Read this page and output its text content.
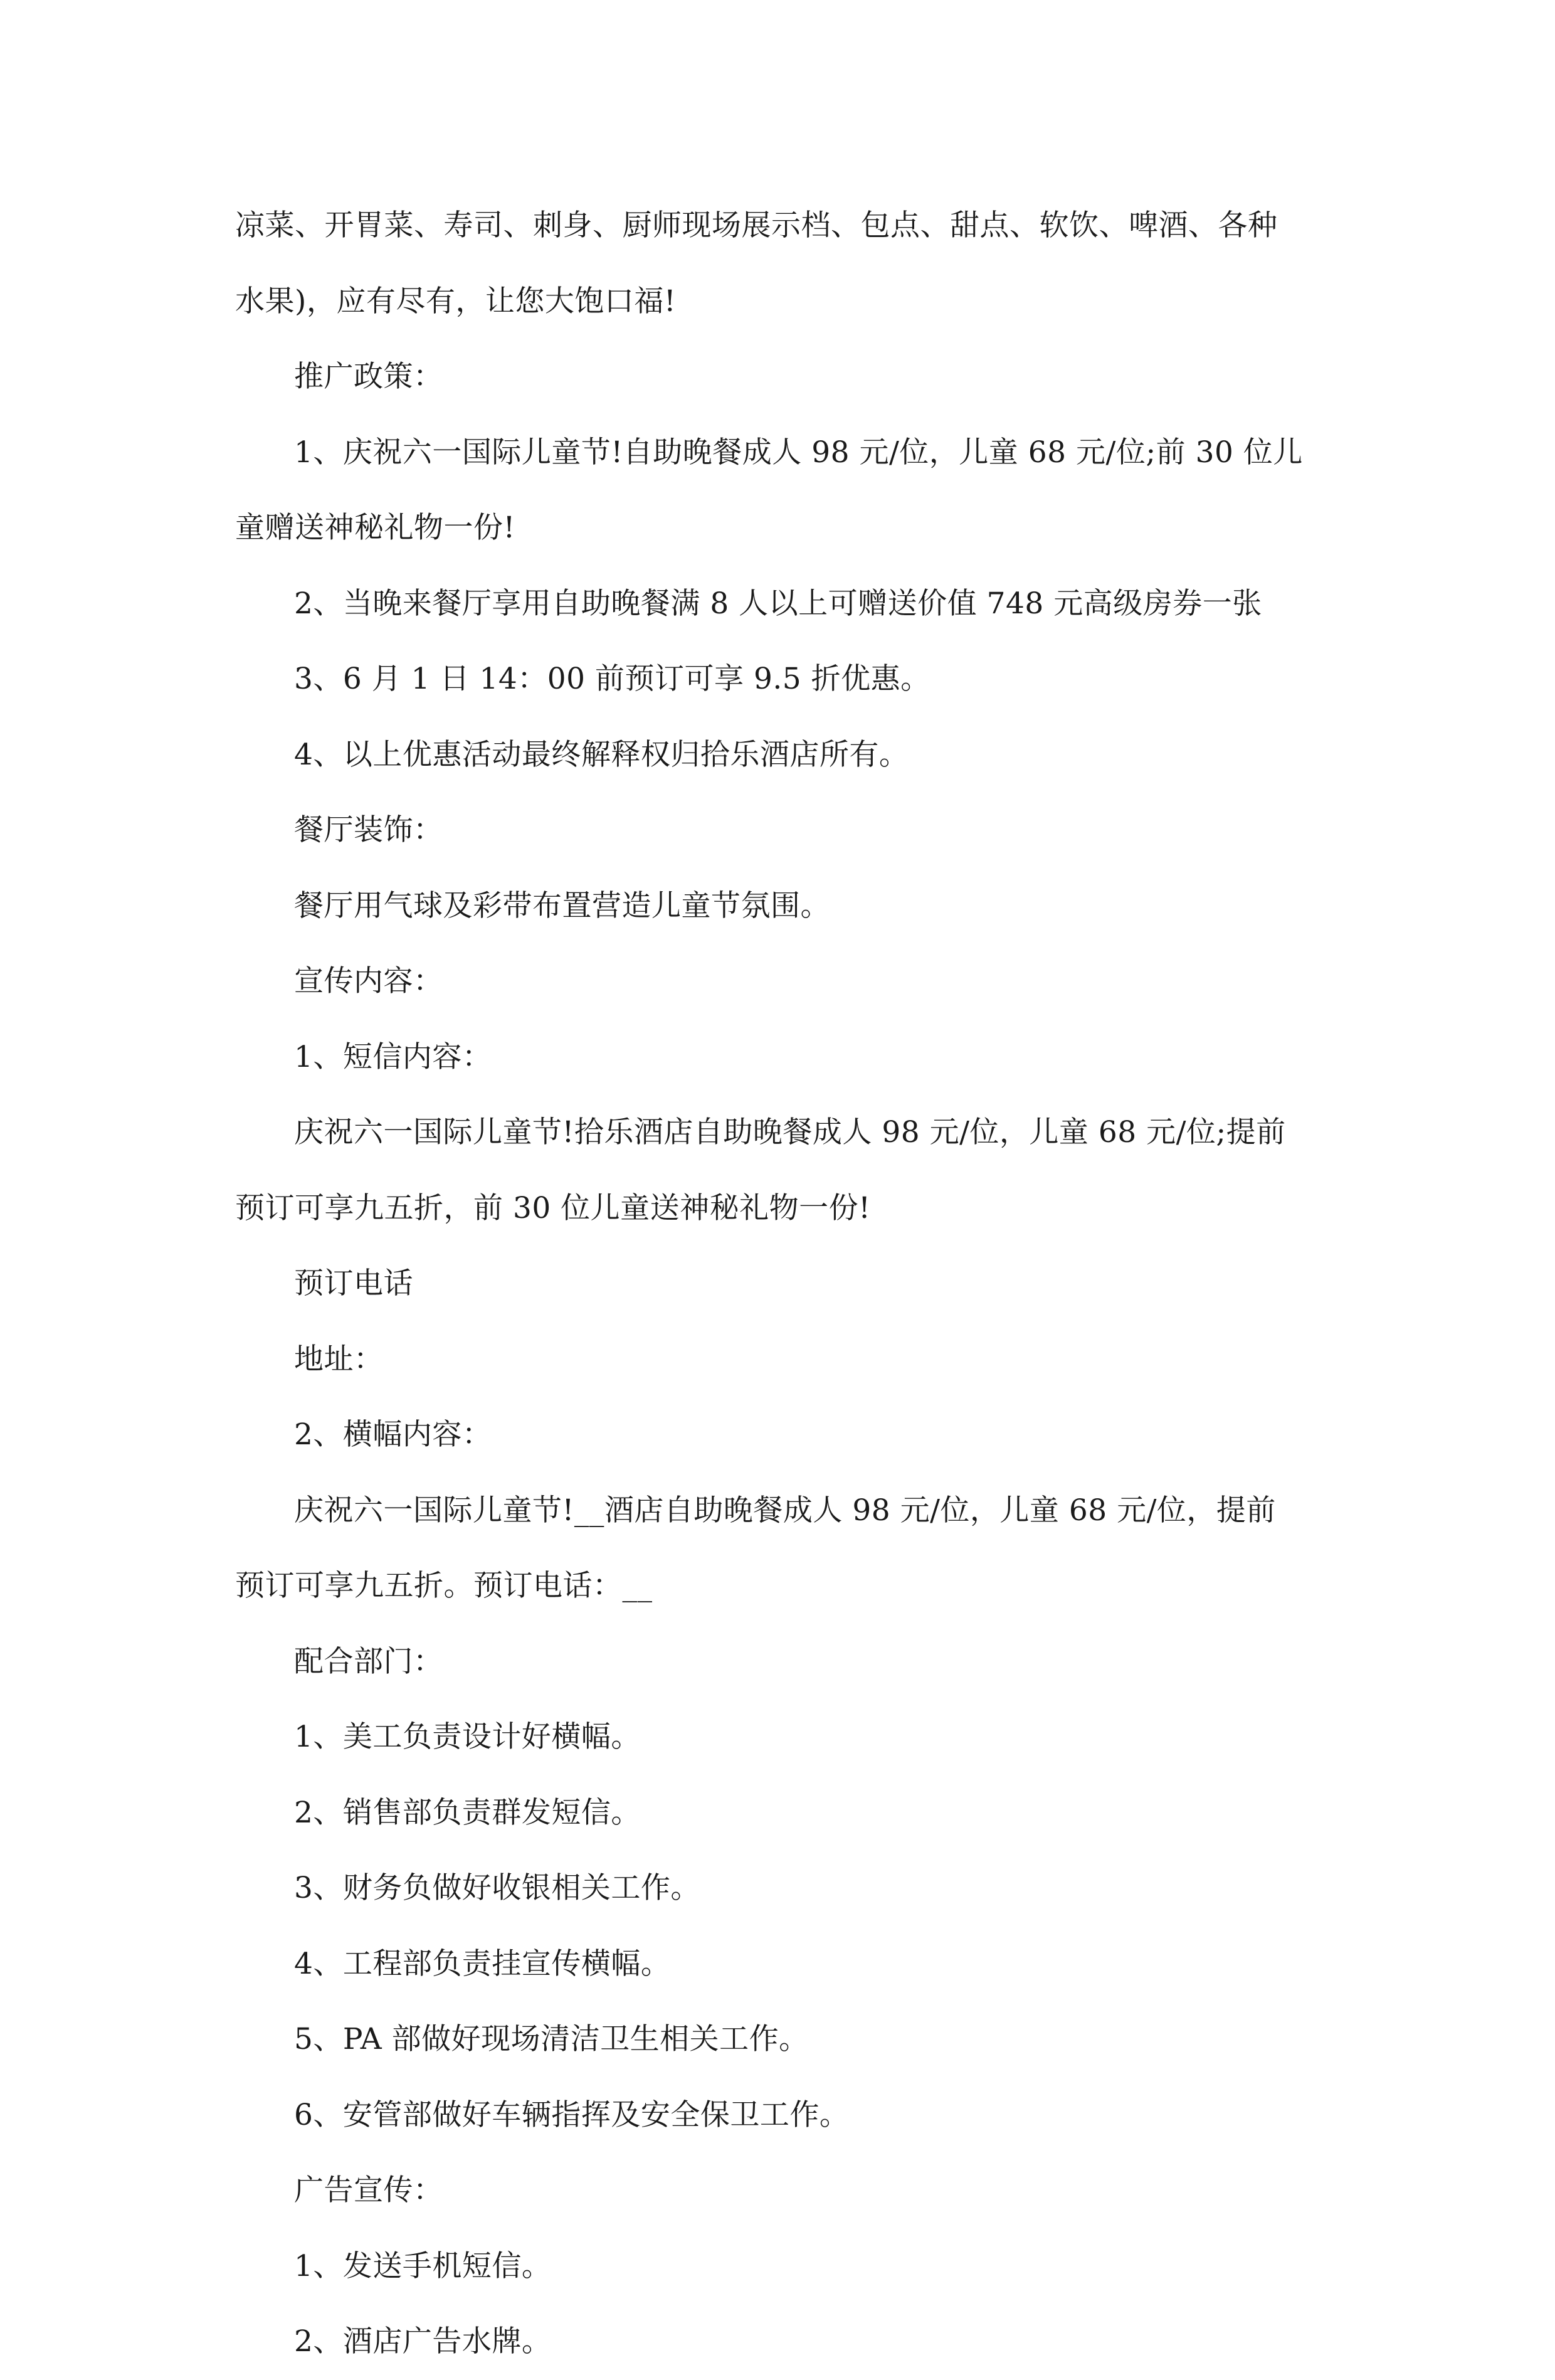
凉菜、开胃菜、寿司、刺身、厨师现场展示档、包点、甜点、软饮、啤酒、各种
水果)，应有尽有，让您大饱口福!
推广政策：
1、庆祝六一国际儿童节!自助晚餐成人 98 元/位，儿童 68 元/位;前 30 位儿
童赠送神秘礼物一份!
2、当晚来餐厅享用自助晚餐满 8 人以上可赠送价值 748 元高级房券一张
3、6 月 1 日 14：00 前预订可享 9.5 折优惠。
4、以上优惠活动最终解释权归拾乐酒店所有。
餐厅装饰：
餐厅用气球及彩带布置营造儿童节氛围。
宣传内容：
1、短信内容：
庆祝六一国际儿童节!拾乐酒店自助晚餐成人 98 元/位，儿童 68 元/位;提前
预订可享九五折，前 30 位儿童送神秘礼物一份!
预订电话
地址：
2、横幅内容：
庆祝六一国际儿童节!__酒店自助晚餐成人 98 元/位，儿童 68 元/位，提前
预订可享九五折。预订电话：__
配合部门：
1、美工负责设计好横幅。
2、销售部负责群发短信。
3、财务负做好收银相关工作。
4、工程部负责挂宣传横幅。
5、PA 部做好现场清洁卫生相关工作。
6、安管部做好车辆指挥及安全保卫工作。
广告宣传：
1、发送手机短信。
2、酒店广告水牌。
